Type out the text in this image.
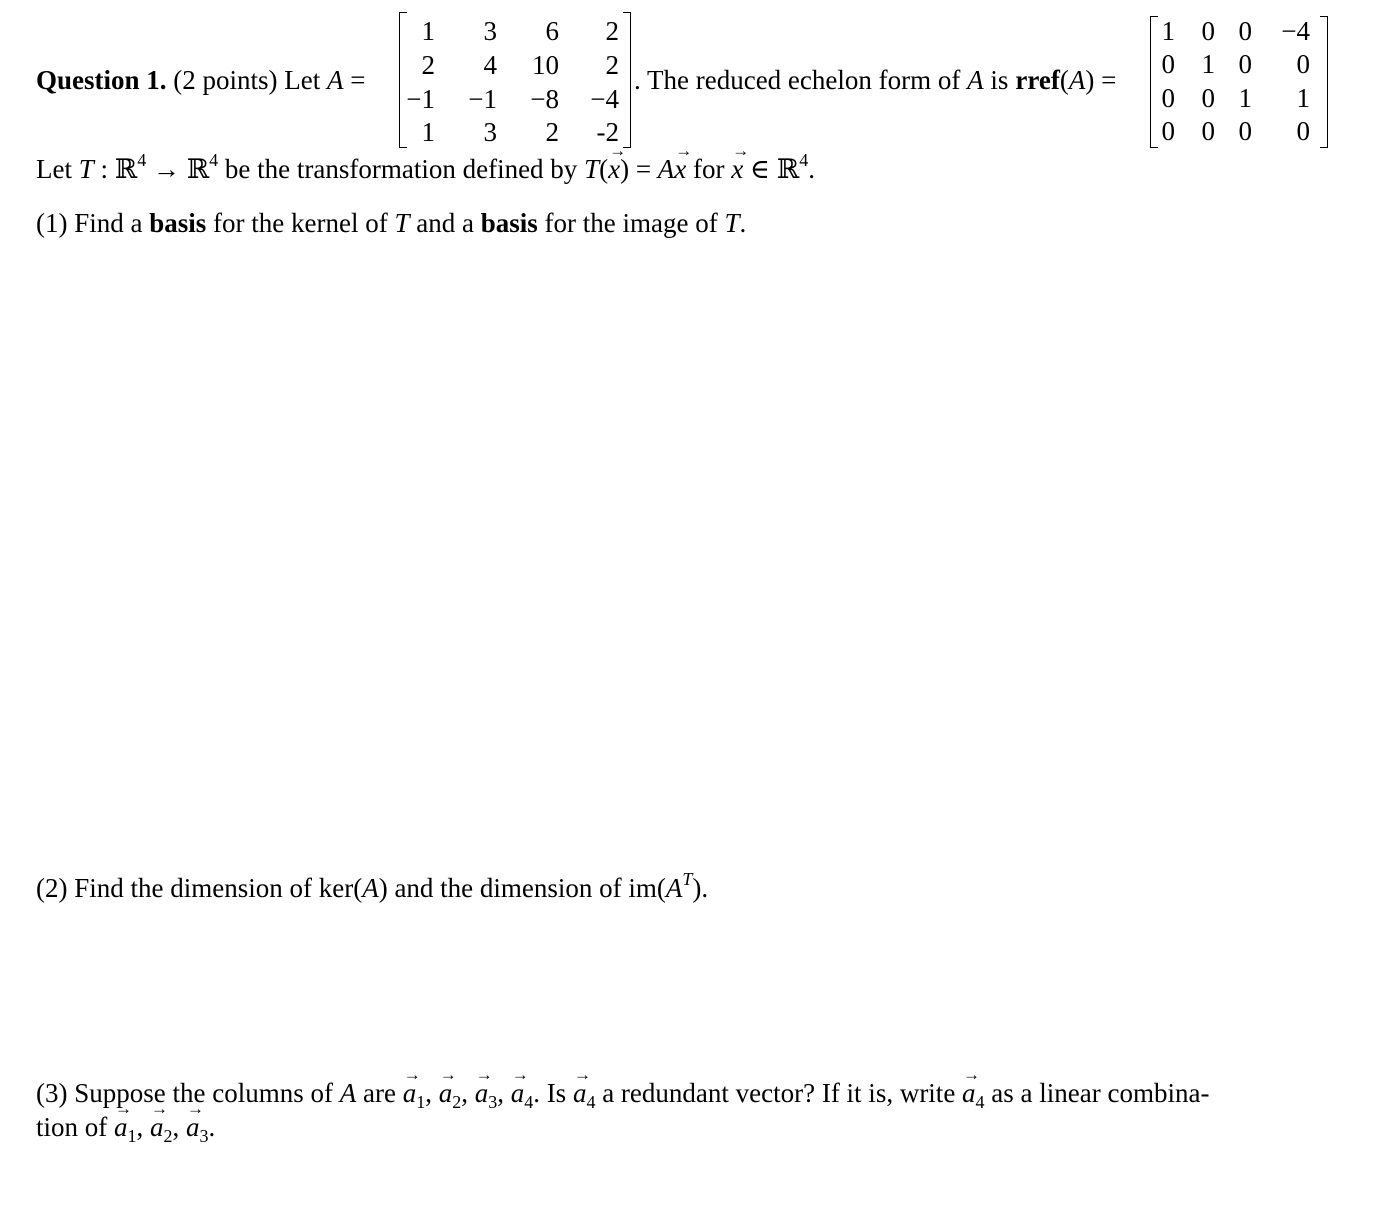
Question 1. (2 points) Let A =
1	3	6	2
2	4	10	2
−1	−1	−8	−4
1	3	2	-2
. The reduced echelon form of A is rref(A) =
1 0 0 −4
0 1 0	0
0 0 1	1
0 0 0	0
Let T : ℝ$^4$ → ℝ$^4$ be the transformation defined by T(→ x) = A→ x for → x ∈ ℝ$^4$.
(1) Find a basis for the kernel of T and a basis for the image of T.
(2) Find the dimension of ker(A) and the dimension of $im(A^T)$.
(3) Suppose the columns of A are → $a_1$, → $a_2$, → $a_3$, → $a_4$. $Is \to a_4$ a redundant vector? If it is, write → $a_4$ as a linear combina-
tion of → $a_1$, → $a_2$, → $a_3$.
